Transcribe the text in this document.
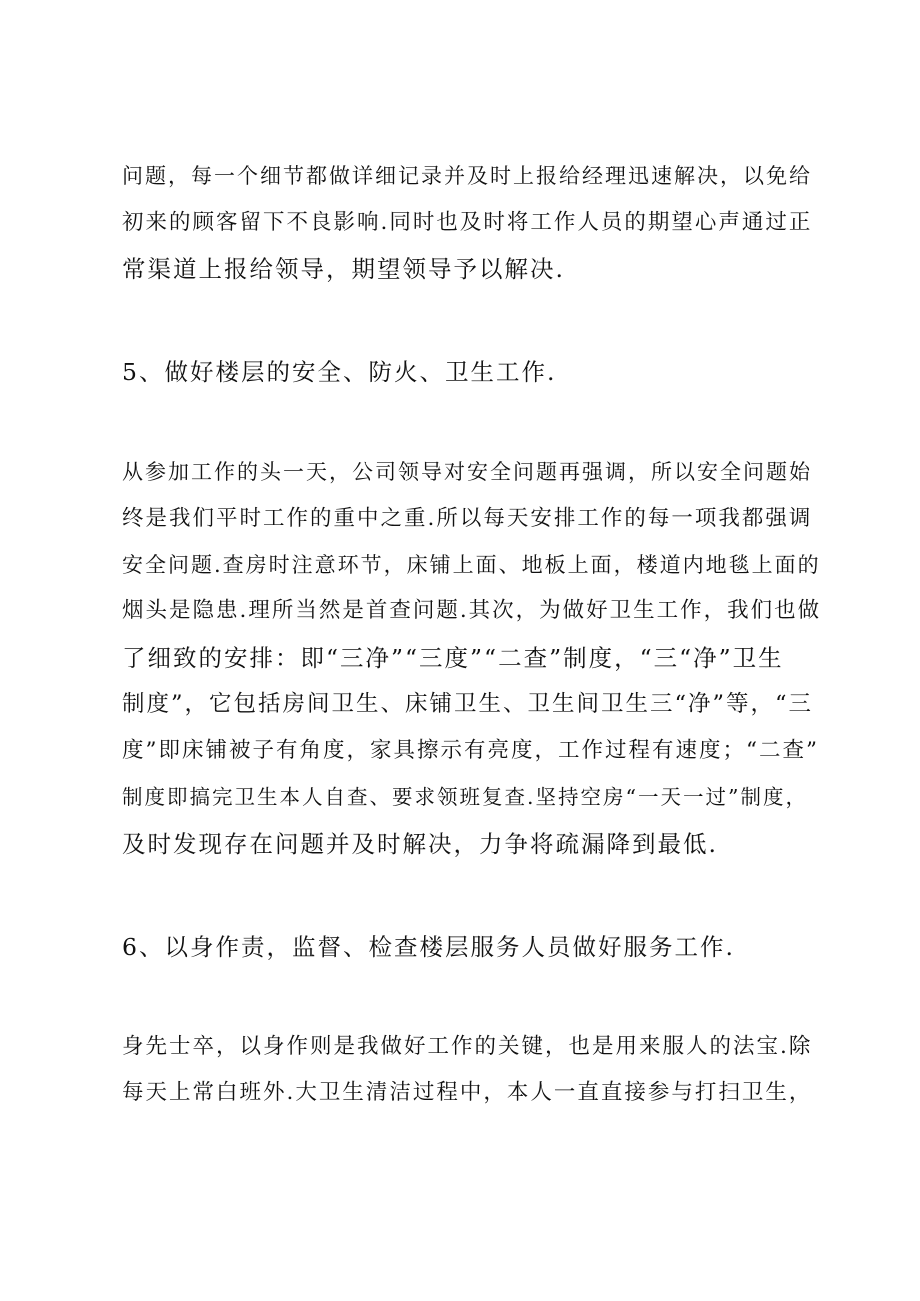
问题，每一个细节都做详细记录并及时上报给经理迅速解决，以免给

初来的顾客留下不良影响.同时也及时将工作人员的期望心声通过正

常渠道上报给领导，期望领导予以解决.

5、做好楼层的安全、防火、卫生工作.

从参加工作的头一天，公司领导对安全问题再强调，所以安全问题始

终是我们平时工作的重中之重.所以每天安排工作的每一项我都强调

安全问题.查房时注意环节，床铺上面、地板上面，楼道内地毯上面的

烟头是隐患.理所当然是首查问题.其次，为做好卫生工作，我们也做

了细致的安排：即“三净”“三度”“二查”制度，“三“净”卫生

制度”，它包括房间卫生、床铺卫生、卫生间卫生三“净”等，“三

度”即床铺被子有角度，家具擦示有亮度，工作过程有速度；“二查”

制度即搞完卫生本人自查、要求领班复查.坚持空房“一天一过”制度，

及时发现存在问题并及时解决，力争将疏漏降到最低.

6、以身作责，监督、检查楼层服务人员做好服务工作.

身先士卒，以身作则是我做好工作的关键，也是用来服人的法宝.除

每天上常白班外.大卫生清洁过程中，本人一直直接参与打扫卫生，
